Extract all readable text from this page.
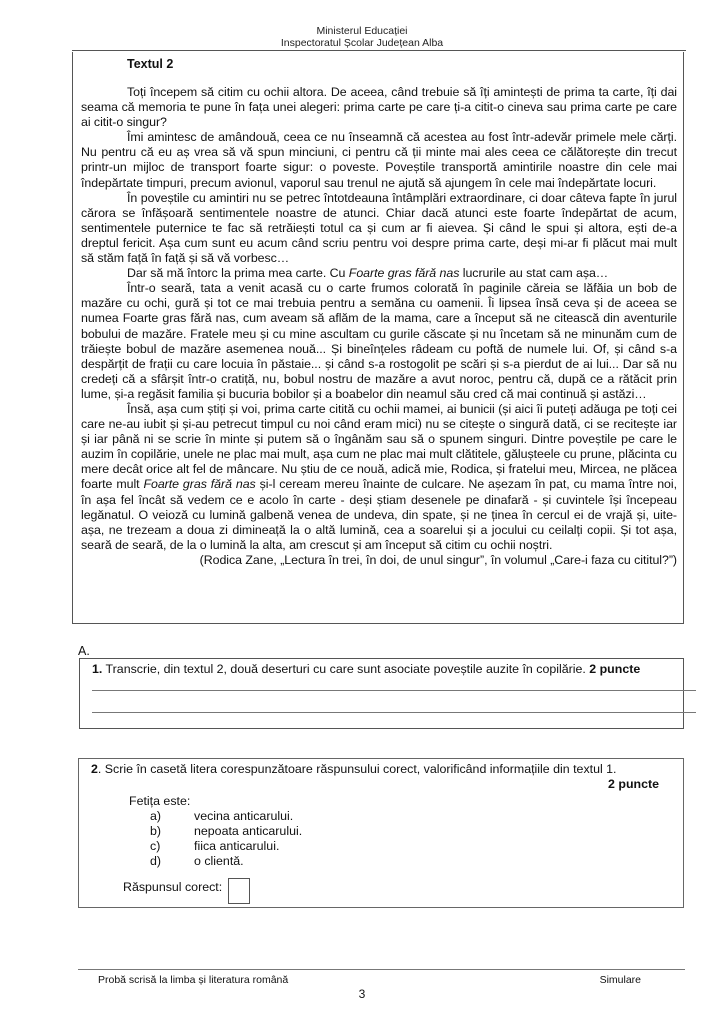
Ministerul Educației
Inspectoratul Școlar Județean Alba
Textul 2

Toți începem să citim cu ochii altora. De aceea, când trebuie să îți amintești de prima ta carte, îți dai seama că memoria te pune în fața unei alegeri: prima carte pe care ți-a citit-o cineva sau prima carte pe care ai citit-o singur?

Îmi amintesc de amândouă, ceea ce nu înseamnă că acestea au fost într-adevăr primele mele cărți. Nu pentru că eu aș vrea să vă spun minciuni, ci pentru că ții minte mai ales ceea ce călătorește din trecut printr-un mijloc de transport foarte sigur: o poveste. Poveștile transportă amintirile noastre din cele mai îndepărtate timpuri, precum avionul, vaporul sau trenul ne ajută să ajungem în cele mai îndepărtate locuri.

În poveștile cu amintiri nu se petrec întotdeauna întâmplări extraordinare, ci doar câteva fapte în jurul cărora se înfășoară sentimentele noastre de atunci. Chiar dacă atunci este foarte îndepărtat de acum, sentimentele puternice te fac să retrăiești totul ca și cum ar fi aievea. Și când le spui și altora, ești de-a dreptul fericit. Așa cum sunt eu acum când scriu pentru voi despre prima carte, deși mi-ar fi plăcut mai mult să stăm față în față și să vă vorbesc…

Dar să mă întorc la prima mea carte. Cu Foarte gras fără nas lucrurile au stat cam așa…

Într-o seară, tata a venit acasă cu o carte frumos colorată în paginile căreia se lăfăia un bob de mazăre cu ochi, gură și tot ce mai trebuia pentru a semăna cu oamenii. Îi lipsea însă ceva și de aceea se numea Foarte gras fără nas, cum aveam să aflăm de la mama, care a început să ne citească din aventurile bobului de mazăre. Fratele meu și cu mine ascultam cu gurile căscate și nu încetam să ne minunăm cum de trăiește bobul de mazăre asemenea nouă... Și bineînțeles râdeam cu poftă de numele lui. Of, și când s-a despărțit de frații cu care locuia în păstaie... și când s-a rostogolit pe scări și s-a pierdut de ai lui... Dar să nu credeți că a sfârșit într-o cratiță, nu, bobul nostru de mazăre a avut noroc, pentru că, după ce a rătăcit prin lume, și-a regăsit familia și bucuria bobilor și a boabelor din neamul său cred că mai continuă și astăzi…

Însă, așa cum știți și voi, prima carte citită cu ochii mamei, ai bunicii (și aici îi puteți adăuga pe toți cei care ne-au iubit și și-au petrecut timpul cu noi când eram mici) nu se citește o singură dată, ci se recitește iar și iar până ni se scrie în minte și putem să o îngânăm sau să o spunem singuri. Dintre poveștile pe care le auzim în copilărie, unele ne plac mai mult, așa cum ne plac mai mult clătitele, gălușteele cu prune, plăcinta cu mere decât orice alt fel de mâncare. Nu știu de ce nouă, adică mie, Rodica, și fratelui meu, Mircea, ne plăcea foarte mult Foarte gras fără nas și-l ceream mereu înainte de culcare. Ne așezam în pat, cu mama între noi, în așa fel încât să vedem ce e acolo în carte - deși știam desenele pe dinafară - și cuvintele își începeau legănatul. O veioză cu lumină galbenă venea de undeva, din spate, și ne ținea în cercul ei de vrajă și, uite-așa, ne trezeam a doua zi dimineață la o altă lumină, cea a soarelui și a jocului cu ceilalți copii. Și tot așa, seară de seară, de la o lumină la alta, am crescut și am început să citim cu ochii noștri.

(Rodica Zane, „Lectura în trei, în doi, de unul singur”, în volumul „Care-i faza cu cititul?”)

A.
1. Transcrie, din textul 2, două deserturi cu care sunt asociate poveștile auzite în copilărie. 2 puncte
2. Scrie în casetă litera corespunzătoare răspunsului corect, valorificând informațiile din textul 1.
2 puncte
Fetița este:
a)	vecina anticarului.
b)	nepoata anticarului.
c)	fiica anticarului.
d)	o clientă.
Răspunsul corect:
Probă scrisă la limba și literatura română	Simulare
3
